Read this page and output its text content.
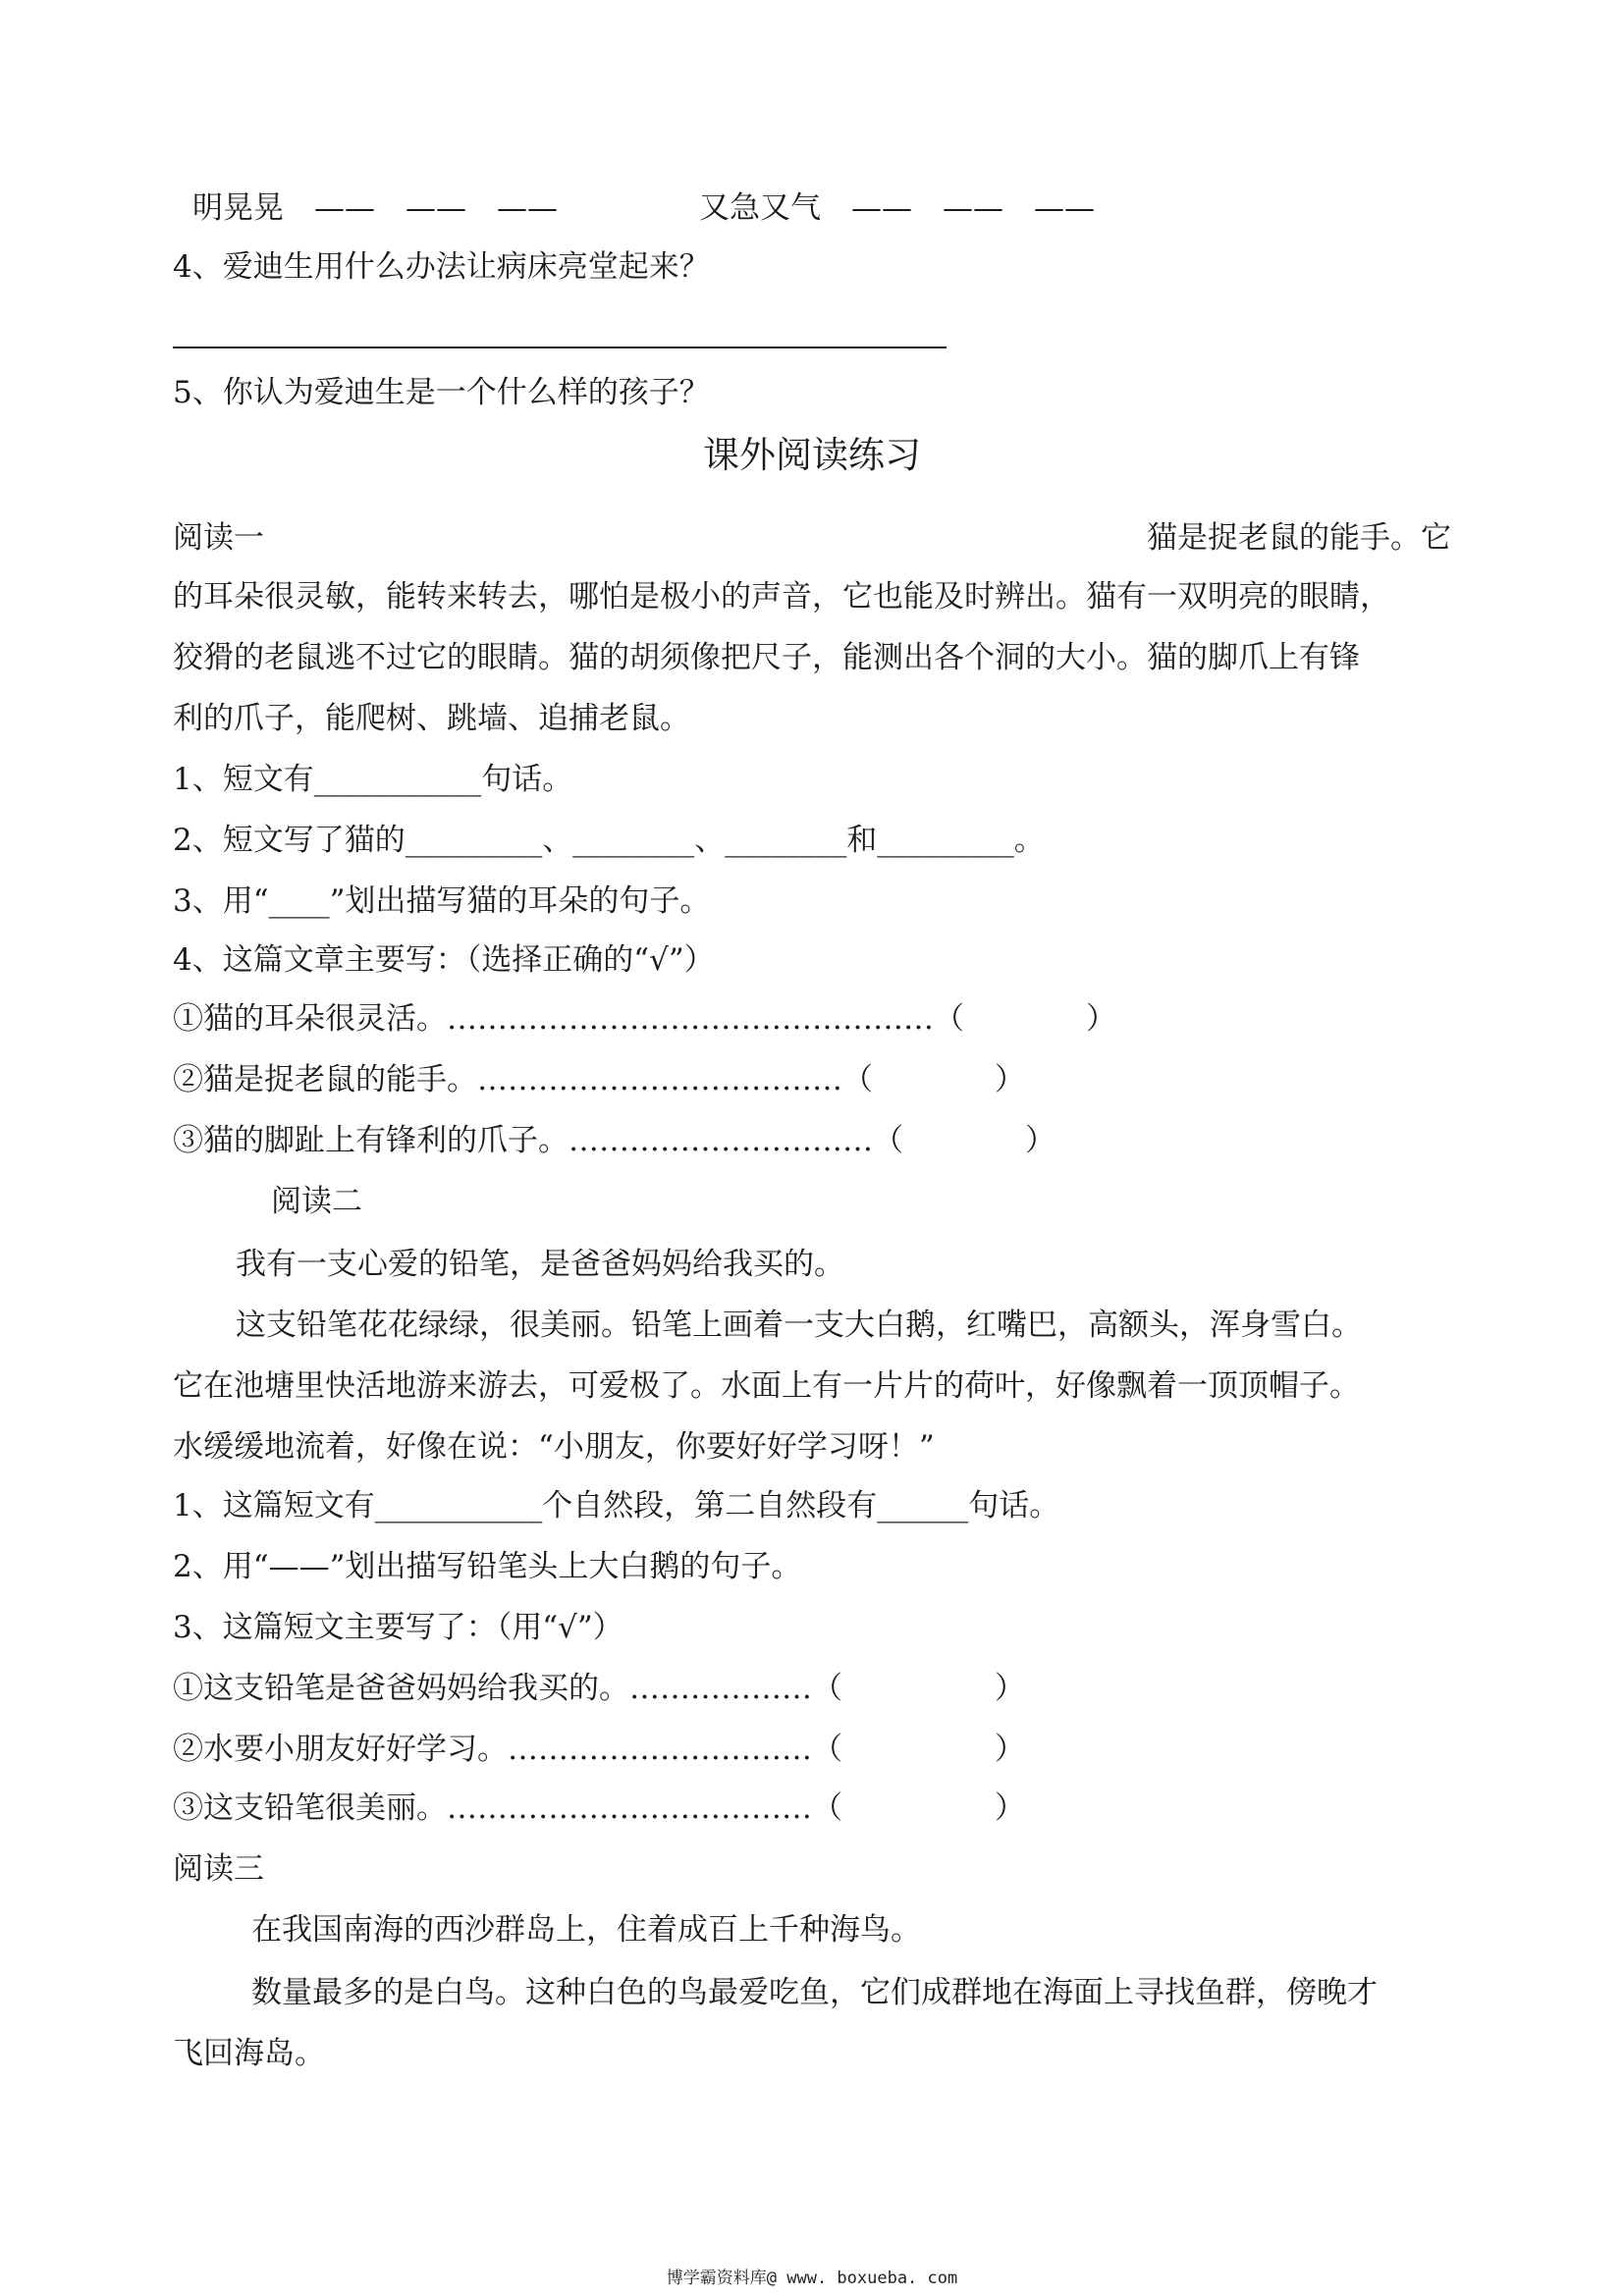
明晃晃　——　——　——	又急又气　——　——　——
4、爱迪生用什么办法让病床亮堂起来？
5、你认为爱迪生是一个什么样的孩子？
课外阅读练习
阅读一	猫是捉老鼠的能手。它
的耳朵很灵敏，能转来转去，哪怕是极小的声音，它也能及时辨出。猫有一双明亮的眼睛，
狡猾的老鼠逃不过它的眼睛。猫的胡须像把尺子，能测出各个洞的大小。猫的脚爪上有锋
利的爪子，能爬树、跳墙、追捕老鼠。
1、短文有___________句话。
2、短文写了猫的_________、________、________和_________。
3、用“____”划出描写猫的耳朵的句子。
4、这篇文章主要写：（选择正确的“√”）
①猫的耳朵很灵活。…………………………………………（　　　　）
②猫是捉老鼠的能手。………………………………（　　　　）
③猫的脚趾上有锋利的爪子。…………………………（　　　　）
阅读二
我有一支心爱的铅笔，是爸爸妈妈给我买的。
这支铅笔花花绿绿，很美丽。铅笔上画着一支大白鹅，红嘴巴，高额头，浑身雪白。
它在池塘里快活地游来游去，可爱极了。水面上有一片片的荷叶，好像飘着一顶顶帽子。
水缓缓地流着，好像在说：“小朋友，你要好好学习呀！”
1、这篇短文有___________个自然段，第二自然段有______句话。
2、用“——”划出描写铅笔头上大白鹅的句子。
3、这篇短文主要写了：（用“√”）
①这支铅笔是爸爸妈妈给我买的。………………（　　　　　）
②水要小朋友好好学习。…………………………（　　　　　）
③这支铅笔很美丽。………………………………（　　　　　）
阅读三
在我国南海的西沙群岛上，住着成百上千种海鸟。
数量最多的是白鸟。这种白色的鸟最爱吃鱼，它们成群地在海面上寻找鱼群，傍晚才
飞回海岛。
博学霸资料库@ www. boxueba. com
